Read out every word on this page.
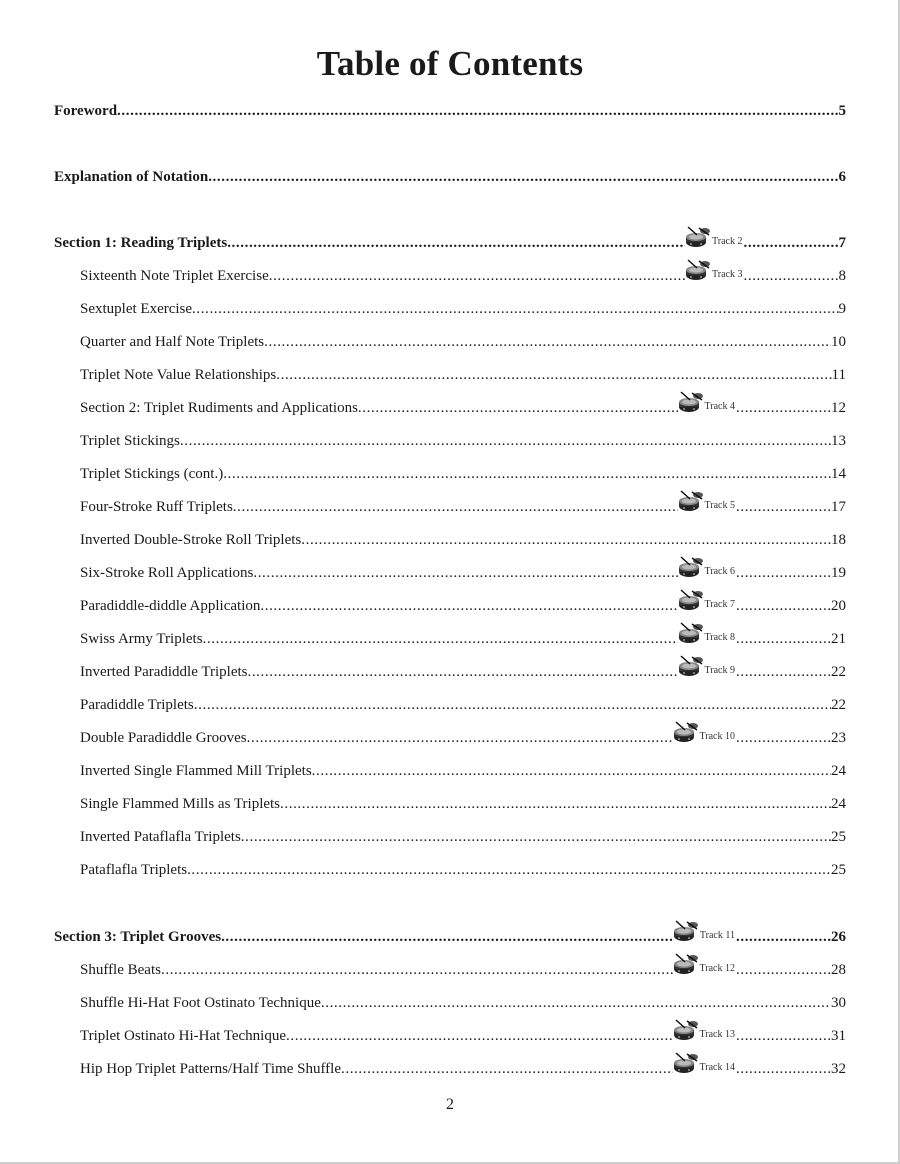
Table of Contents
Foreword .....	5
Explanation of Notation .....	6
Section 1: Reading Triplets .....	Track 2 .....	7
Sixteenth Note Triplet Exercise .....	Track 3 .....	8
Sextuplet Exercise .....	9
Quarter and Half Note Triplets .....	10
Triplet Note Value Relationships .....	11
Section 2: Triplet Rudiments and Applications .....	Track 4 .....	12
Triplet Stickings .....	13
Triplet Stickings (cont.) .....	14
Four-Stroke Ruff Triplets .....	Track 5 .....	17
Inverted Double-Stroke Roll Triplets .....	18
Six-Stroke Roll Applications .....	Track 6 .....	19
Paradiddle-diddle Application .....	Track 7 .....	20
Swiss Army Triplets .....	Track 8 .....	21
Inverted Paradiddle Triplets .....	Track 9 .....	22
Paradiddle Triplets .....	22
Double Paradiddle Grooves .....	Track 10 .....	23
Inverted Single Flammed Mill Triplets .....	24
Single Flammed Mills as Triplets .....	24
Inverted Pataflafla Triplets .....	25
Pataflafla Triplets .....	25
Section 3: Triplet Grooves .....	Track 11 .....	26
Shuffle Beats .....	Track 12 .....	28
Shuffle Hi-Hat Foot Ostinato Technique .....	30
Triplet Ostinato Hi-Hat Technique .....	Track 13 .....	31
Hip Hop Triplet Patterns/Half Time Shuffle .....	Track 14 .....	32
2
